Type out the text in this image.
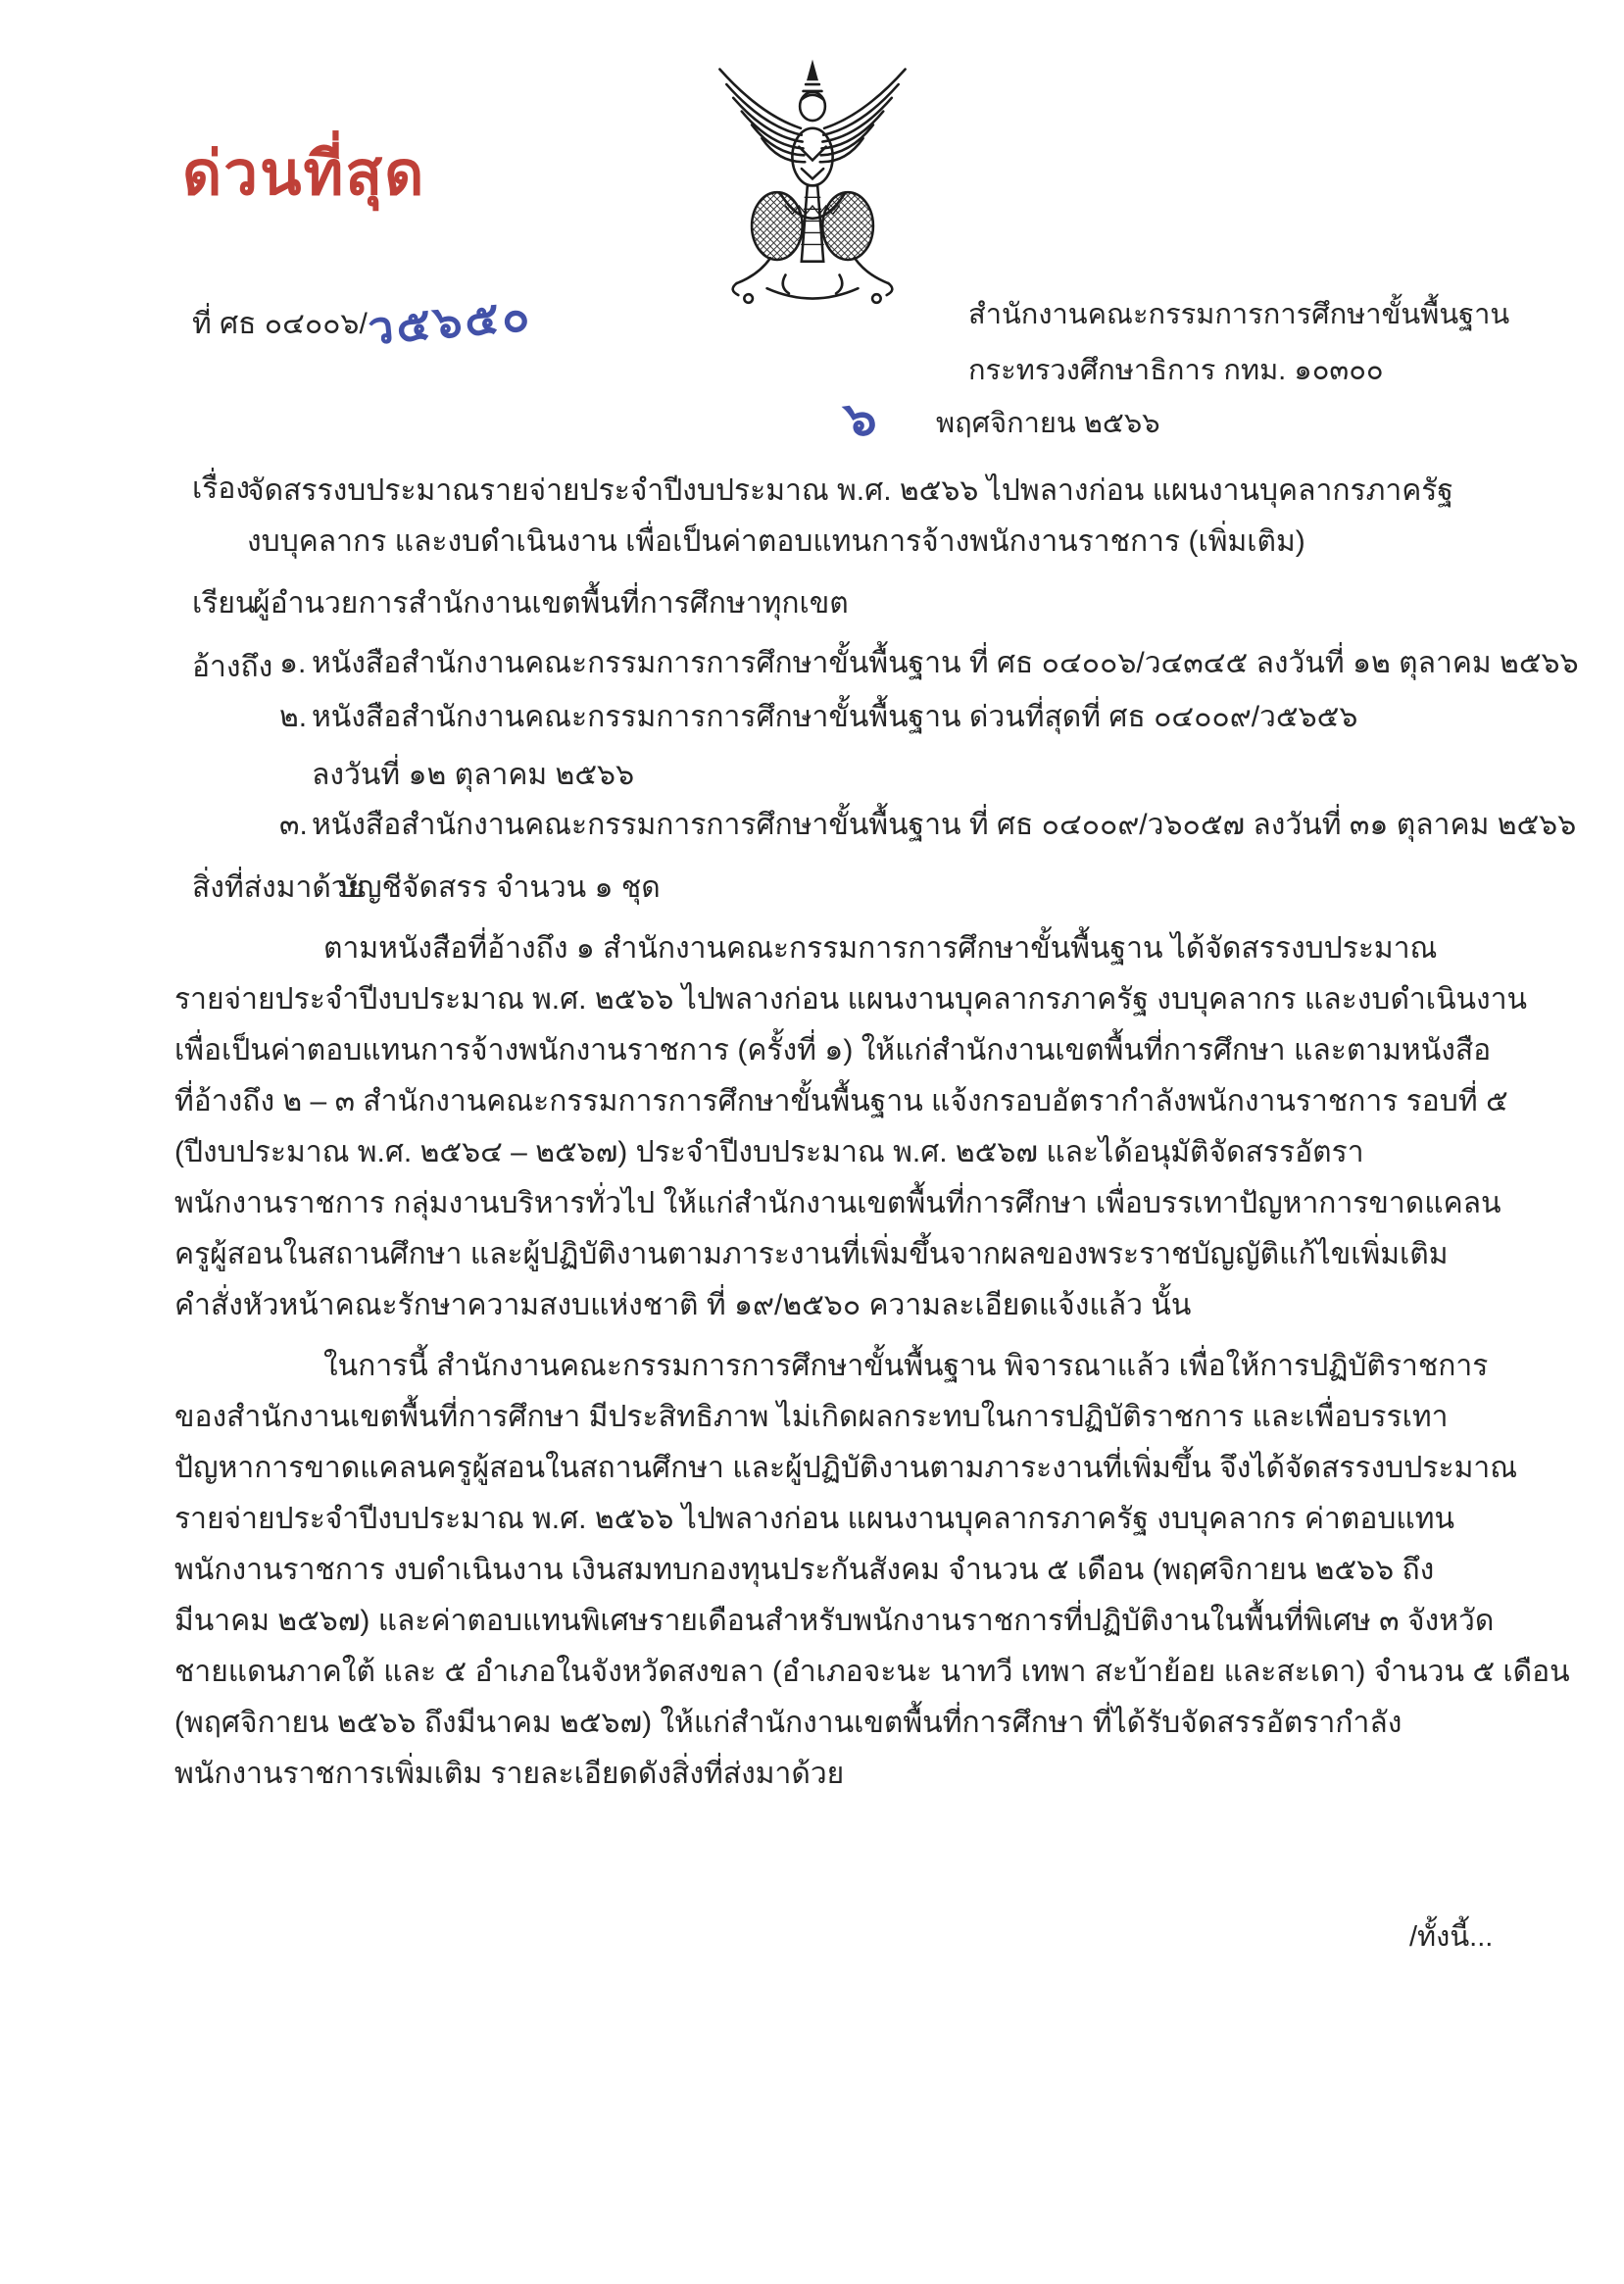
ด่วนที่สุด
ที่ ศธ ๐๔๐๐๖/ว๕๖๕๐	สำนักงานคณะกรรมการการศึกษาขั้นพื้นฐาน
กระทรวงศึกษาธิการ กทม. ๑๐๓๐๐
๖ พฤศจิกายน ๒๕๖๖
เรื่อง
จัดสรรงบประมาณรายจ่ายประจำปีงบประมาณ พ.ศ. ๒๕๖๖ ไปพลางก่อน แผนงานบุคลากรภาครัฐ
งบบุคลากร และงบดำเนินงาน เพื่อเป็นค่าตอบแทนการจ้างพนักงานราชการ (เพิ่มเติม)
เรียน
ผู้อำนวยการสำนักงานเขตพื้นที่การศึกษาทุกเขต
อ้างถึง ๑. หนังสือสำนักงานคณะกรรมการการศึกษาขั้นพื้นฐาน ที่ ศธ ๐๔๐๐๖/ว๔๓๔๕ ลงวันที่ ๑๒ ตุลาคม ๒๕๖๖
๒. หนังสือสำนักงานคณะกรรมการการศึกษาขั้นพื้นฐาน ด่วนที่สุดที่ ศธ ๐๔๐๐๙/ว๕๖๕๖
ลงวันที่ ๑๒ ตุลาคม ๒๕๖๖
๓. หนังสือสำนักงานคณะกรรมการการศึกษาขั้นพื้นฐาน ที่ ศธ ๐๔๐๐๙/ว๖๐๕๗ ลงวันที่ ๓๑ ตุลาคม ๒๕๖๖
สิ่งที่ส่งมาด้วย
บัญชีจัดสรร จำนวน ๑ ชุด
ตามหนังสือที่อ้างถึง ๑ สำนักงานคณะกรรมการการศึกษาขั้นพื้นฐาน ได้จัดสรรงบประมาณ
รายจ่ายประจำปีงบประมาณ พ.ศ. ๒๕๖๖ ไปพลางก่อน แผนงานบุคลากรภาครัฐ งบบุคลากร และงบดำเนินงาน
เพื่อเป็นค่าตอบแทนการจ้างพนักงานราชการ (ครั้งที่ ๑) ให้แก่สำนักงานเขตพื้นที่การศึกษา และตามหนังสือ
ที่อ้างถึง ๒ – ๓ สำนักงานคณะกรรมการการศึกษาขั้นพื้นฐาน แจ้งกรอบอัตรากำลังพนักงานราชการ รอบที่ ๕
(ปีงบประมาณ พ.ศ. ๒๕๖๔ – ๒๕๖๗) ประจำปีงบประมาณ พ.ศ. ๒๕๖๗ และได้อนุมัติจัดสรรอัตรา
พนักงานราชการ กลุ่มงานบริหารทั่วไป ให้แก่สำนักงานเขตพื้นที่การศึกษา เพื่อบรรเทาปัญหาการขาดแคลน
ครูผู้สอนในสถานศึกษา และผู้ปฏิบัติงานตามภาระงานที่เพิ่มขึ้นจากผลของพระราชบัญญัติแก้ไขเพิ่มเติม
คำสั่งหัวหน้าคณะรักษาความสงบแห่งชาติ ที่ ๑๙/๒๕๖๐ ความละเอียดแจ้งแล้ว นั้น
ในการนี้ สำนักงานคณะกรรมการการศึกษาขั้นพื้นฐาน พิจารณาแล้ว เพื่อให้การปฏิบัติราชการ
ของสำนักงานเขตพื้นที่การศึกษา มีประสิทธิภาพ ไม่เกิดผลกระทบในการปฏิบัติราชการ และเพื่อบรรเทา
ปัญหาการขาดแคลนครูผู้สอนในสถานศึกษา และผู้ปฏิบัติงานตามภาระงานที่เพิ่มขึ้น จึงได้จัดสรรงบประมาณ
รายจ่ายประจำปีงบประมาณ พ.ศ. ๒๕๖๖ ไปพลางก่อน แผนงานบุคลากรภาครัฐ งบบุคลากร ค่าตอบแทน
พนักงานราชการ งบดำเนินงาน เงินสมทบกองทุนประกันสังคม จำนวน ๕ เดือน (พฤศจิกายน ๒๕๖๖ ถึง
มีนาคม ๒๕๖๗) และค่าตอบแทนพิเศษรายเดือนสำหรับพนักงานราชการที่ปฏิบัติงานในพื้นที่พิเศษ ๓ จังหวัด
ชายแดนภาคใต้ และ ๕ อำเภอในจังหวัดสงขลา (อำเภอจะนะ นาทวี เทพา สะบ้าย้อย และสะเดา) จำนวน ๕ เดือน
(พฤศจิกายน ๒๕๖๖ ถึงมีนาคม ๒๕๖๗) ให้แก่สำนักงานเขตพื้นที่การศึกษา ที่ได้รับจัดสรรอัตรากำลัง
พนักงานราชการเพิ่มเติม รายละเอียดดังสิ่งที่ส่งมาด้วย
/ทั้งนี้...
